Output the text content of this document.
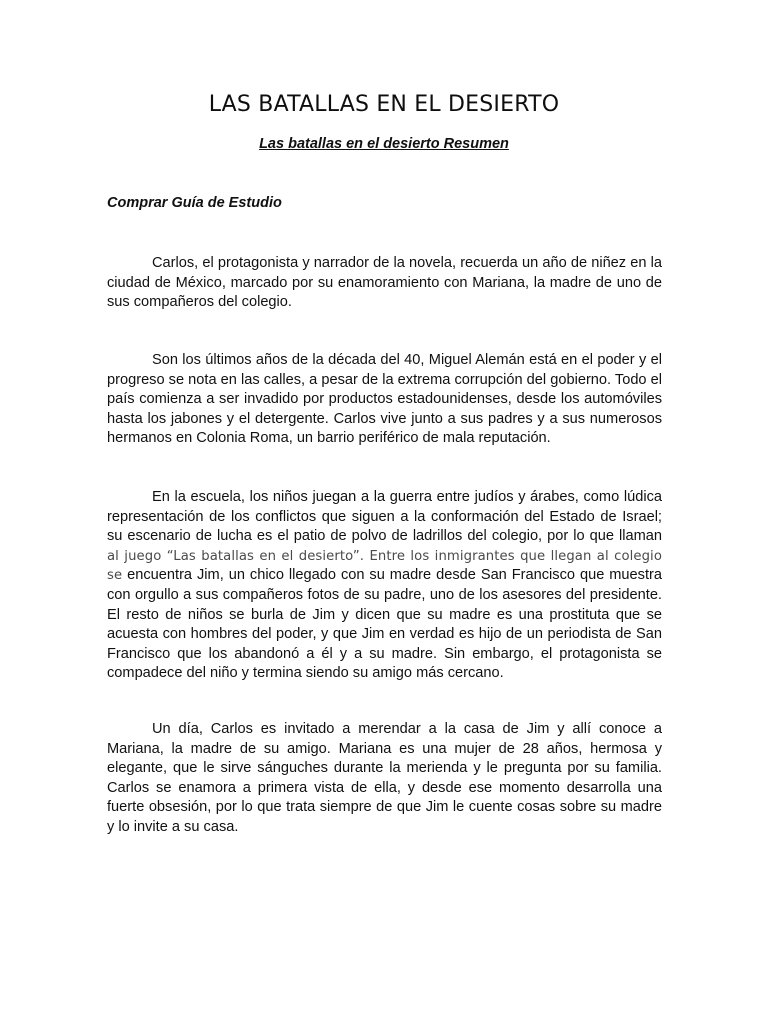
LAS BATALLAS EN EL DESIERTO

Las batallas en el desierto Resumen

Comprar Guía de Estudio

Carlos, el protagonista y narrador de la novela, recuerda un año de niñez en la ciudad de México, marcado por su enamoramiento con Mariana, la madre de uno de sus compañeros del colegio.

Son los últimos años de la década del 40, Miguel Alemán está en el poder y el progreso se nota en las calles, a pesar de la extrema corrupción del gobierno. Todo el país comienza a ser invadido por productos estadounidenses, desde los automóviles hasta los jabones y el detergente. Carlos vive junto a sus padres y a sus numerosos hermanos en Colonia Roma, un barrio periférico de mala reputación.

En la escuela, los niños juegan a la guerra entre judíos y árabes, como lúdica representación de los conflictos que siguen a la conformación del Estado de Israel; su escenario de lucha es el patio de polvo de ladrillos del colegio, por lo que llaman al juego “Las batallas en el desierto”. Entre los inmigrantes que llegan al colegio se encuentra Jim, un chico llegado con su madre desde San Francisco que muestra con orgullo a sus compañeros fotos de su padre, uno de los asesores del presidente. El resto de niños se burla de Jim y dicen que su madre es una prostituta que se acuesta con hombres del poder, y que Jim en verdad es hijo de un periodista de San Francisco que los abandonó a él y a su madre. Sin embargo, el protagonista se compadece del niño y termina siendo su amigo más cercano.

Un día, Carlos es invitado a merendar a la casa de Jim y allí conoce a Mariana, la madre de su amigo. Mariana es una mujer de 28 años, hermosa y elegante, que le sirve sánguches durante la merienda y le pregunta por su familia. Carlos se enamora a primera vista de ella, y desde ese momento desarrolla una fuerte obsesión, por lo que trata siempre de que Jim le cuente cosas sobre su madre y lo invite a su casa.
